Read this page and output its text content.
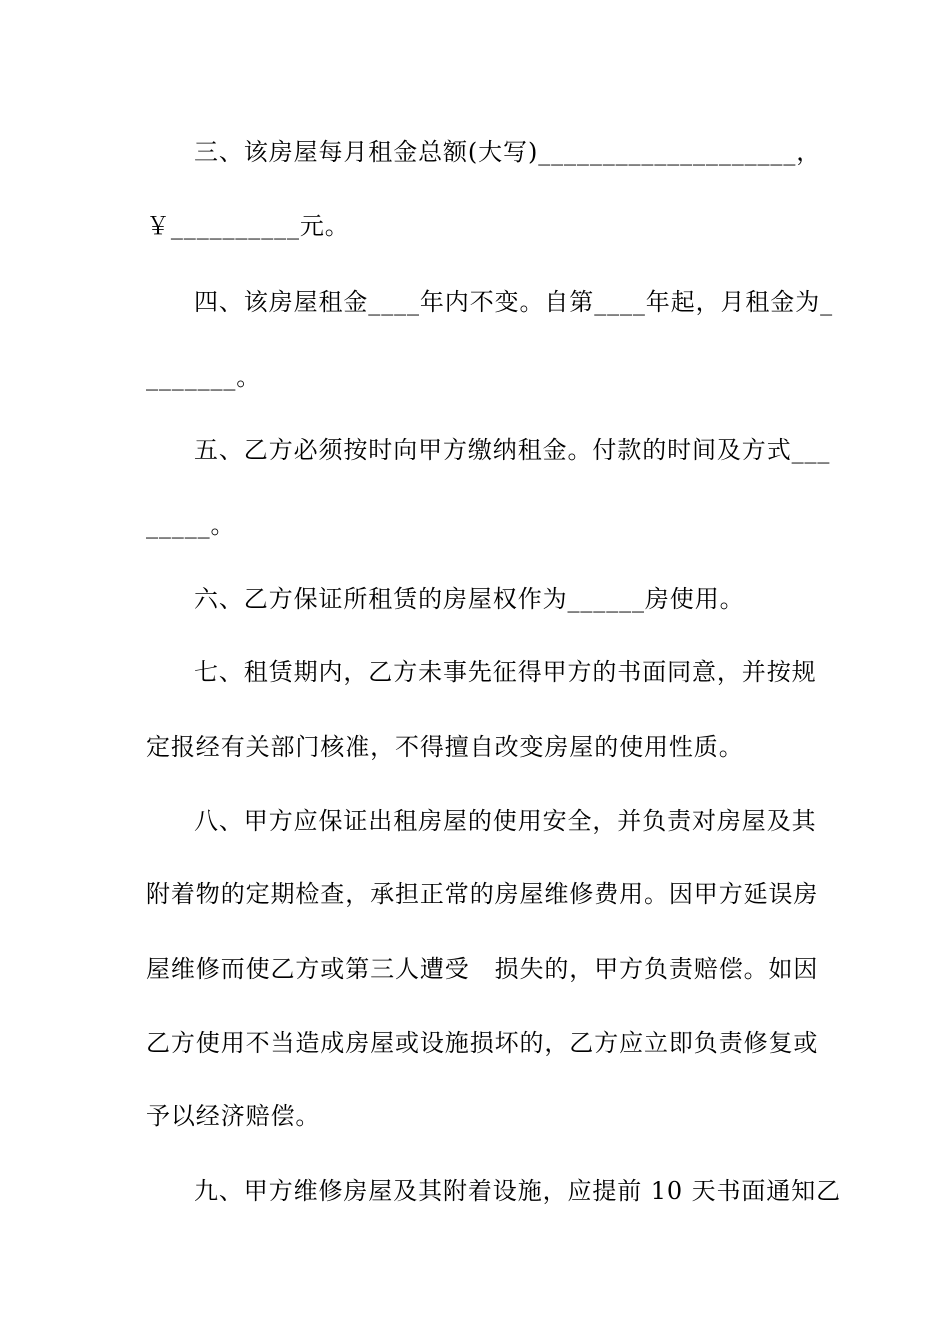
三、该房屋每月租金总额(大写)____________________，
￥__________元。
四、该房屋租金____年内不变。自第____年起，月租金为_
_______。
五、乙方必须按时向甲方缴纳租金。付款的时间及方式___
_____。
六、乙方保证所租赁的房屋权作为______房使用。
七、租赁期内，乙方未事先征得甲方的书面同意，并按规
定报经有关部门核准，不得擅自改变房屋的使用性质。
八、甲方应保证出租房屋的使用安全，并负责对房屋及其
附着物的定期检查，承担正常的房屋维修费用。因甲方延误房
屋维修而使乙方或第三人遭受　损失的，甲方负责赔偿。如因
乙方使用不当造成房屋或设施损坏的，乙方应立即负责修复或
予以经济赔偿。
九、甲方维修房屋及其附着设施，应提前 10 天书面通知乙
